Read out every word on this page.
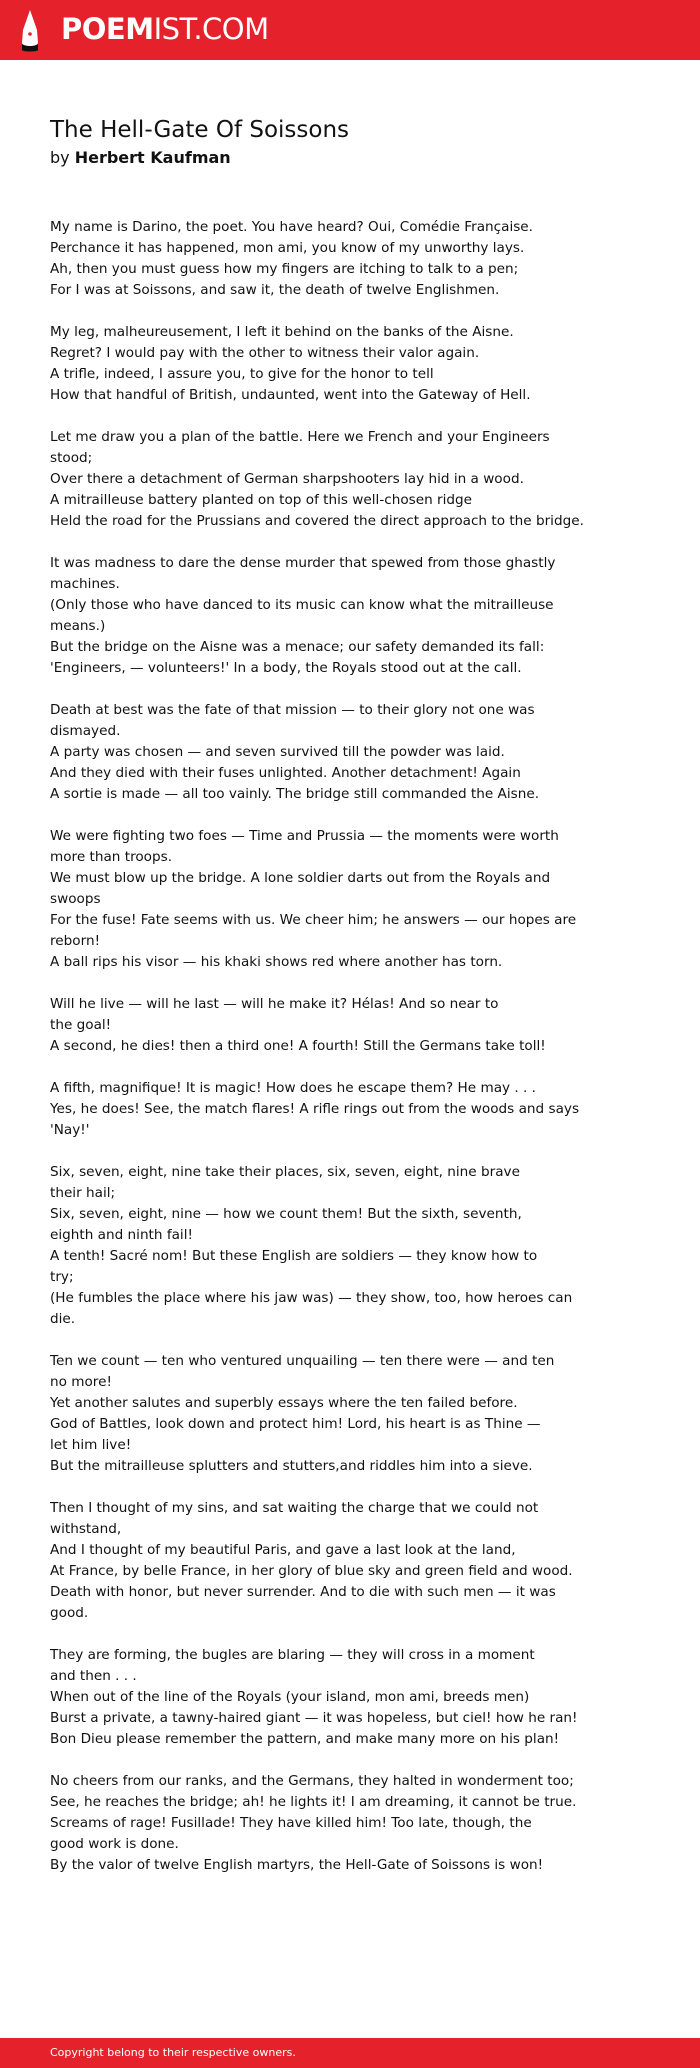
POEMIST.COM
The Hell-Gate Of Soissons
by Herbert Kaufman
My name is Darino, the poet. You have heard? Oui, Comédie Française.
Perchance it has happened, mon ami, you know of my unworthy lays.
Ah, then you must guess how my fingers are itching to talk to a pen;
For I was at Soissons, and saw it, the death of twelve Englishmen.
My leg, malheureusement, I left it behind on the banks of the Aisne.
Regret? I would pay with the other to witness their valor again.
A trifle, indeed, I assure you, to give for the honor to tell
How that handful of British, undaunted, went into the Gateway of Hell.
Let me draw you a plan of the battle. Here we French and your Engineers stood;
Over there a detachment of German sharpshooters lay hid in a wood.
A mitrailleuse battery planted on top of this well-chosen ridge
Held the road for the Prussians and covered the direct approach to the bridge.
It was madness to dare the dense murder that spewed from those ghastly machines.
(Only those who have danced to its music can know what the mitrailleuse means.)
But the bridge on the Aisne was a menace; our safety demanded its fall:
'Engineers, — volunteers!' In a body, the Royals stood out at the call.
Death at best was the fate of that mission — to their glory not one was dismayed.
A party was chosen — and seven survived till the powder was laid.
And they died with their fuses unlighted. Another detachment! Again
A sortie is made — all too vainly. The bridge still commanded the Aisne.
We were fighting two foes — Time and Prussia — the moments were worth more than troops.
We must blow up the bridge. A lone soldier darts out from the Royals and swoops
For the fuse! Fate seems with us. We cheer him; he answers — our hopes are reborn!
A ball rips his visor — his khaki shows red where another has torn.
Will he live — will he last — will he make it? Hélas! And so near to
the goal!
A second, he dies! then a third one! A fourth! Still the Germans take toll!
A fifth, magnifique! It is magic! How does he escape them? He may . . .
Yes, he does! See, the match flares! A rifle rings out from the woods and says 'Nay!'
Six, seven, eight, nine take their places, six, seven, eight, nine brave
their hail;
Six, seven, eight, nine — how we count them! But the sixth, seventh,
eighth and ninth fail!
A tenth! Sacré nom! But these English are soldiers — they know how to
try;
(He fumbles the place where his jaw was) — they show, too, how heroes can die.
Ten we count — ten who ventured unquailing — ten there were — and ten
no more!
Yet another salutes and superbly essays where the ten failed before.
God of Battles, look down and protect him! Lord, his heart is as Thine —
let him live!
But the mitrailleuse splutters and stutters,and riddles him into a sieve.
Then I thought of my sins, and sat waiting the charge that we could not withstand,
And I thought of my beautiful Paris, and gave a last look at the land,
At France, by belle France, in her glory of blue sky and green field and wood.
Death with honor, but never surrender. And to die with such men — it was good.
They are forming, the bugles are blaring — they will cross in a moment
and then . . .
When out of the line of the Royals (your island, mon ami, breeds men)
Burst a private, a tawny-haired giant — it was hopeless, but ciel! how he ran!
Bon Dieu please remember the pattern, and make many more on his plan!
No cheers from our ranks, and the Germans, they halted in wonderment too;
See, he reaches the bridge; ah! he lights it! I am dreaming, it cannot be true.
Screams of rage! Fusillade! They have killed him! Too late, though, the
good work is done.
By the valor of twelve English martyrs, the Hell-Gate of Soissons is won!
Copyright belong to their respective owners.
